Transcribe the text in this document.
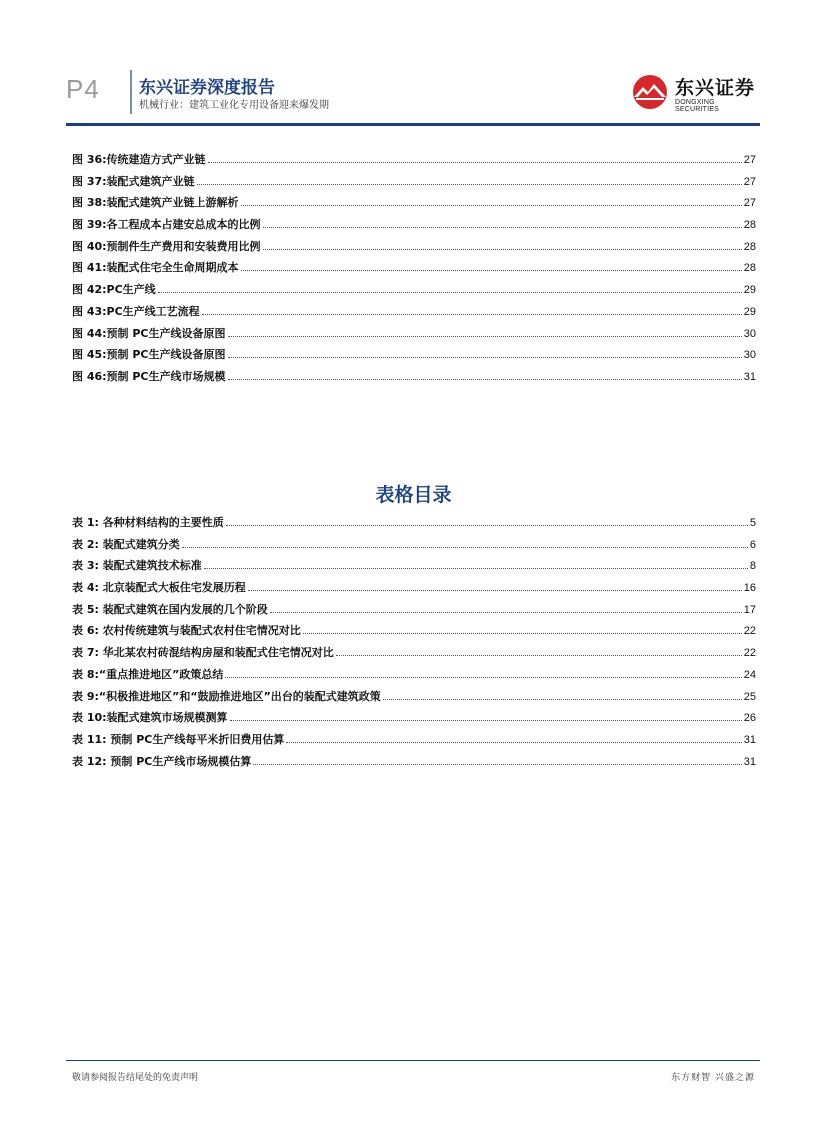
P4 东兴证券深度报告
机械行业：建筑工业化专用设备迎来爆发期
东兴证券
DONGXING SECURITIES
图 36:传统建造方式产业链	27
图 37:装配式建筑产业链	27
图 38:装配式建筑产业链上游解析	27
图 39:各工程成本占建安总成本的比例	28
图 40:预制件生产费用和安装费用比例	28
图 41:装配式住宅全生命周期成本	28
图 42:PC生产线	29
图 43:PC生产线工艺流程	29
图 44:预制 PC生产线设备原图	30
图 45:预制 PC生产线设备原图	30
图 46:预制 PC生产线市场规模	31
表格目录
表 1: 各种材料结构的主要性质	5
表 2: 装配式建筑分类	6
表 3: 装配式建筑技术标准	8
表 4: 北京装配式大板住宅发展历程	16
表 5: 装配式建筑在国内发展的几个阶段	17
表 6: 农村传统建筑与装配式农村住宅情况对比	22
表 7: 华北某农村砖混结构房屋和装配式住宅情况对比	22
表 8:“重点推进地区”政策总结	24
表 9:“积极推进地区”和“鼓励推进地区”出台的装配式建筑政策	25
表 10:装配式建筑市场规模测算	26
表 11: 预制 PC生产线每平米折旧费用估算	31
表 12: 预制 PC生产线市场规模估算	31
敬请参阅报告结尾处的免责声明	东方财智 兴盛之源
